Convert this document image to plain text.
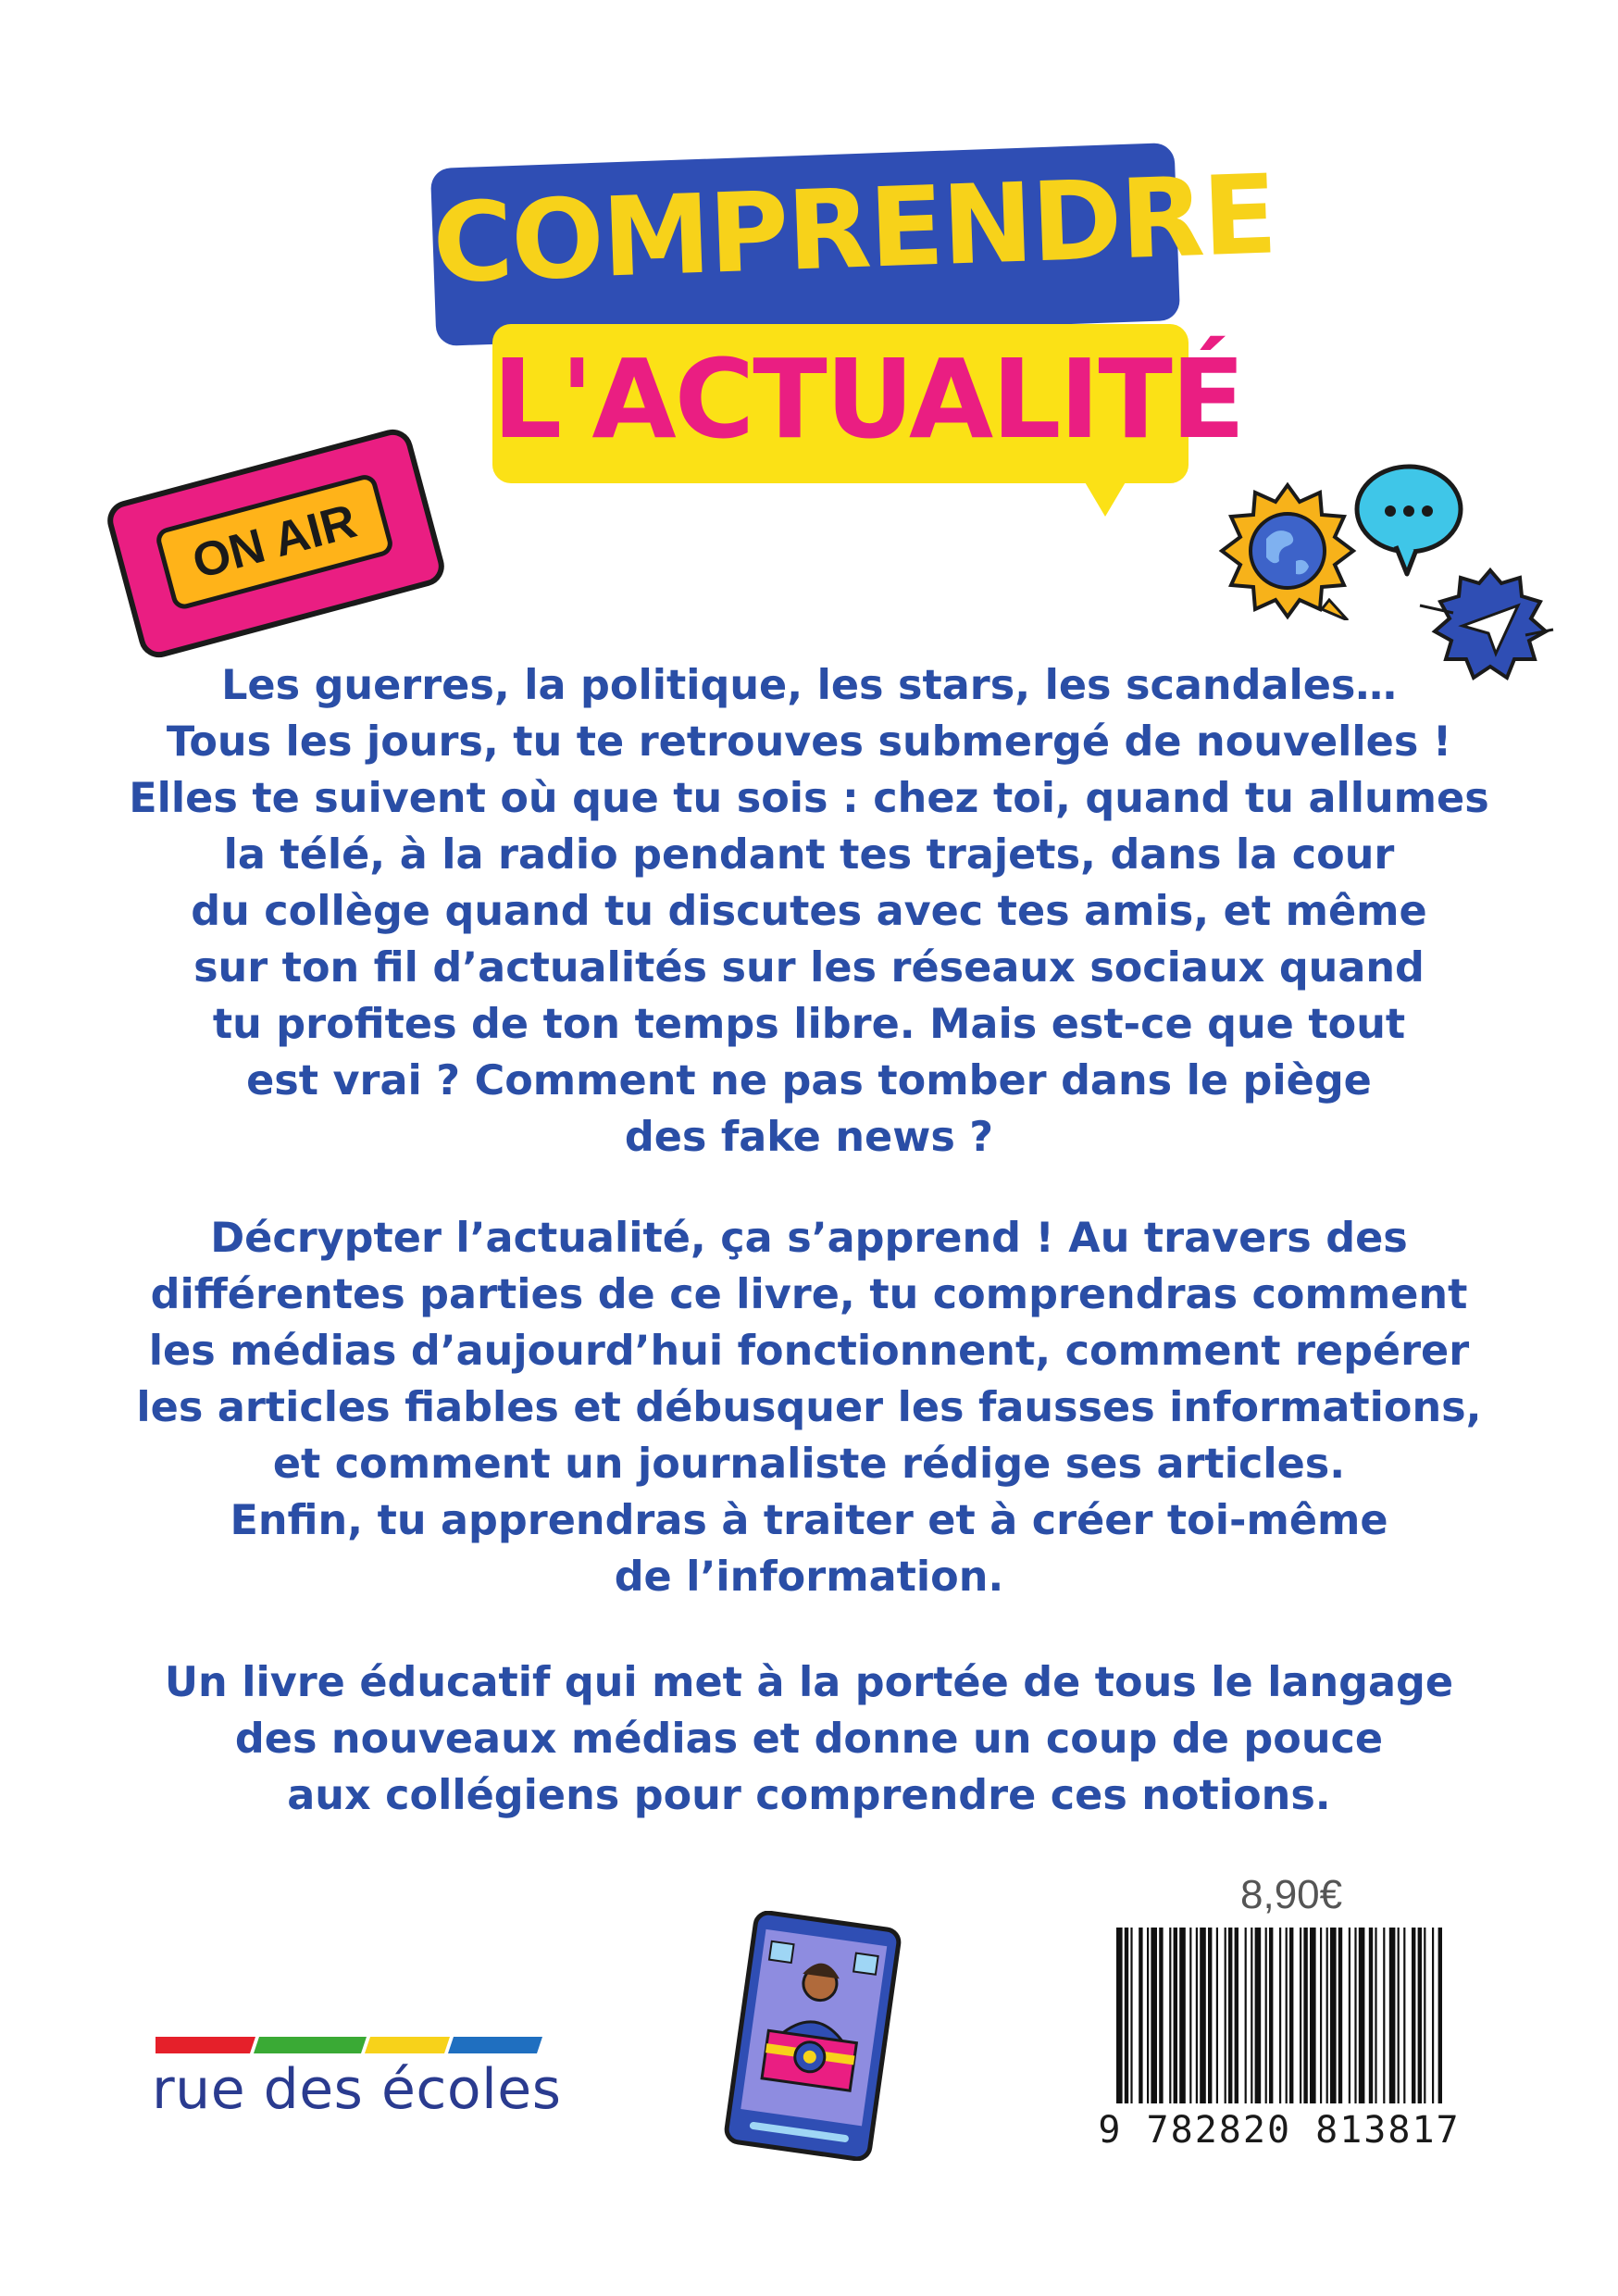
COMPRENDRE
L'ACTUALITÉ
ON AIR
Les guerres, la politique, les stars, les scandales…
Tous les jours, tu te retrouves submergé de nouvelles !
Elles te suivent où que tu sois : chez toi, quand tu allumes
la télé, à la radio pendant tes trajets, dans la cour
du collège quand tu discutes avec tes amis, et même
sur ton fil d’actualités sur les réseaux sociaux quand
tu profites de ton temps libre. Mais est-ce que tout
est vrai ? Comment ne pas tomber dans le piège
des fake news ?
Décrypter l’actualité, ça s’apprend ! Au travers des
différentes parties de ce livre, tu comprendras comment
les médias d’aujourd’hui fonctionnent, comment repérer
les articles fiables et débusquer les fausses informations,
et comment un journaliste rédige ses articles.
Enfin, tu apprendras à traiter et à créer toi-même
de l’information.
Un livre éducatif qui met à la portée de tous le langage
des nouveaux médias et donne un coup de pouce
aux collégiens pour comprendre ces notions.
rue des écoles
8,90€
9 782820 813817
